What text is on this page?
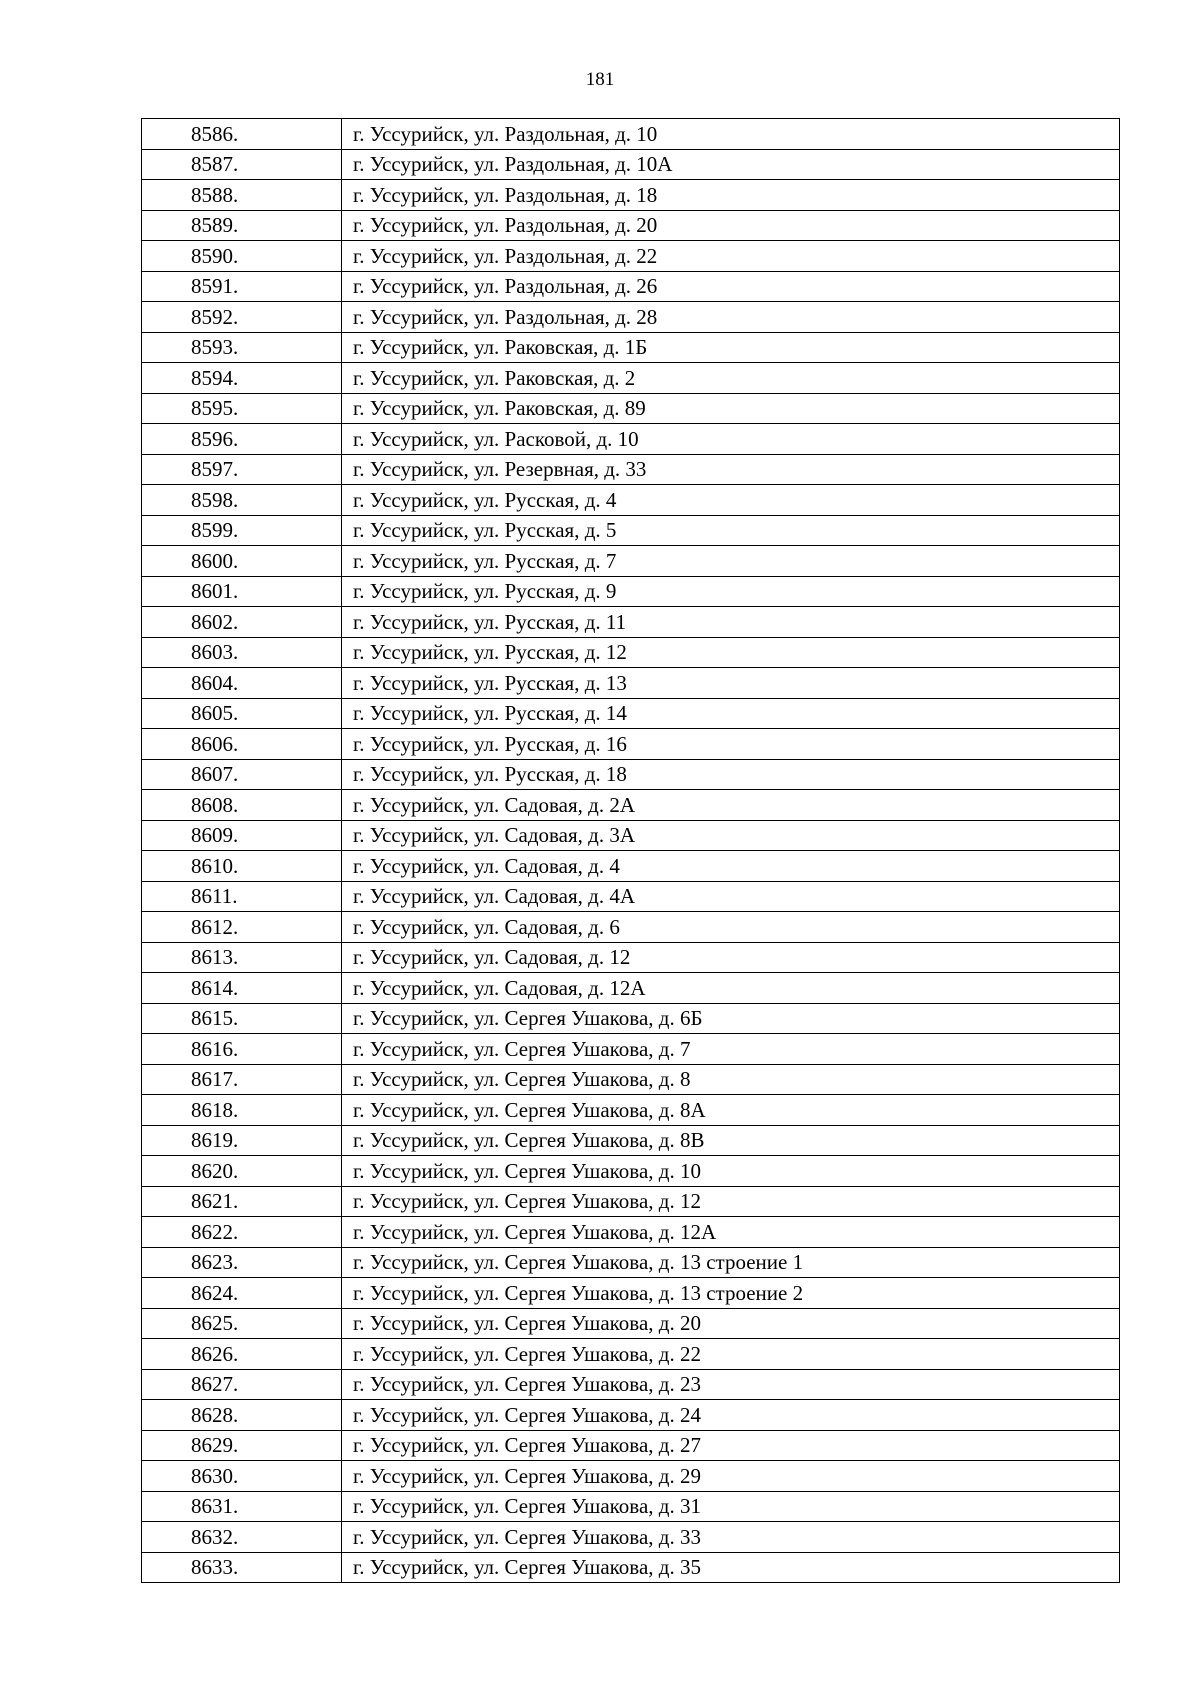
181
8586.	г. Уссурийск, ул. Раздольная, д. 10
8587.	г. Уссурийск, ул. Раздольная, д. 10А
8588.	г. Уссурийск, ул. Раздольная, д. 18
8589.	г. Уссурийск, ул. Раздольная, д. 20
8590.	г. Уссурийск, ул. Раздольная, д. 22
8591.	г. Уссурийск, ул. Раздольная, д. 26
8592.	г. Уссурийск, ул. Раздольная, д. 28
8593.	г. Уссурийск, ул. Раковская, д. 1Б
8594.	г. Уссурийск, ул. Раковская, д. 2
8595.	г. Уссурийск, ул. Раковская, д. 89
8596.	г. Уссурийск, ул. Расковой, д. 10
8597.	г. Уссурийск, ул. Резервная, д. 33
8598.	г. Уссурийск, ул. Русская, д. 4
8599.	г. Уссурийск, ул. Русская, д. 5
8600.	г. Уссурийск, ул. Русская, д. 7
8601.	г. Уссурийск, ул. Русская, д. 9
8602.	г. Уссурийск, ул. Русская, д. 11
8603.	г. Уссурийск, ул. Русская, д. 12
8604.	г. Уссурийск, ул. Русская, д. 13
8605.	г. Уссурийск, ул. Русская, д. 14
8606.	г. Уссурийск, ул. Русская, д. 16
8607.	г. Уссурийск, ул. Русская, д. 18
8608.	г. Уссурийск, ул. Садовая, д. 2А
8609.	г. Уссурийск, ул. Садовая, д. 3А
8610.	г. Уссурийск, ул. Садовая, д. 4
8611.	г. Уссурийск, ул. Садовая, д. 4А
8612.	г. Уссурийск, ул. Садовая, д. 6
8613.	г. Уссурийск, ул. Садовая, д. 12
8614.	г. Уссурийск, ул. Садовая, д. 12А
8615.	г. Уссурийск, ул. Сергея Ушакова, д. 6Б
8616.	г. Уссурийск, ул. Сергея Ушакова, д. 7
8617.	г. Уссурийск, ул. Сергея Ушакова, д. 8
8618.	г. Уссурийск, ул. Сергея Ушакова, д. 8А
8619.	г. Уссурийск, ул. Сергея Ушакова, д. 8В
8620.	г. Уссурийск, ул. Сергея Ушакова, д. 10
8621.	г. Уссурийск, ул. Сергея Ушакова, д. 12
8622.	г. Уссурийск, ул. Сергея Ушакова, д. 12А
8623.	г. Уссурийск, ул. Сергея Ушакова, д. 13 строение 1
8624.	г. Уссурийск, ул. Сергея Ушакова, д. 13 строение 2
8625.	г. Уссурийск, ул. Сергея Ушакова, д. 20
8626.	г. Уссурийск, ул. Сергея Ушакова, д. 22
8627.	г. Уссурийск, ул. Сергея Ушакова, д. 23
8628.	г. Уссурийск, ул. Сергея Ушакова, д. 24
8629.	г. Уссурийск, ул. Сергея Ушакова, д. 27
8630.	г. Уссурийск, ул. Сергея Ушакова, д. 29
8631.	г. Уссурийск, ул. Сергея Ушакова, д. 31
8632.	г. Уссурийск, ул. Сергея Ушакова, д. 33
8633.	г. Уссурийск, ул. Сергея Ушакова, д. 35
